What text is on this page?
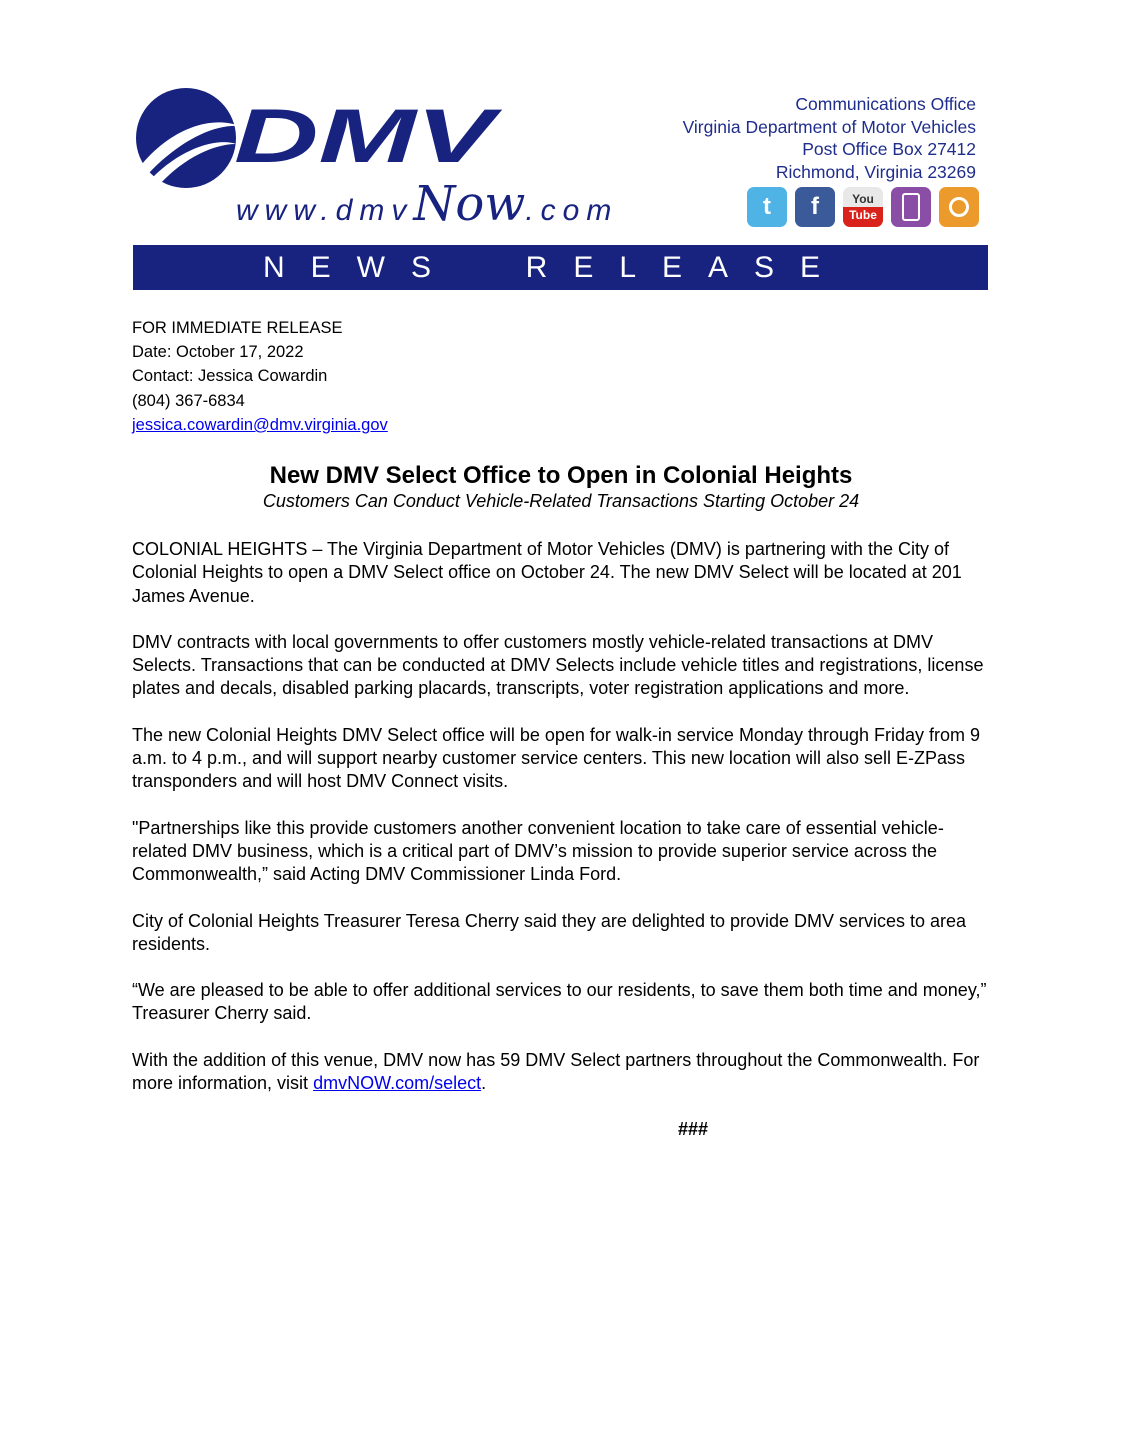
DMV
www.dmvNow.com
Communications Office
Virginia Department of Motor Vehicles
Post Office Box 27412
Richmond, Virginia 23269
t	f	You
Tube
NEWS  RELEASE
FOR IMMEDIATE RELEASE
Date: October 17, 2022
Contact: Jessica Cowardin
(804) 367-6834
jessica.cowardin@dmv.virginia.gov
New DMV Select Office to Open in Colonial Heights
Customers Can Conduct Vehicle-Related Transactions Starting October 24

COLONIAL HEIGHTS – The Virginia Department of Motor Vehicles (DMV) is partnering with the City of Colonial Heights to open a DMV Select office on October 24. The new DMV Select will be located at 201 James Avenue.

DMV contracts with local governments to offer customers mostly vehicle-related transactions at DMV Selects. Transactions that can be conducted at DMV Selects include vehicle titles and registrations, license plates and decals, disabled parking placards, transcripts, voter registration applications and more.

The new Colonial Heights DMV Select office will be open for walk-in service Monday through Friday from 9 a.m. to 4 p.m., and will support nearby customer service centers. This new location will also sell E-ZPass transponders and will host DMV Connect visits.

"Partnerships like this provide customers another convenient location to take care of essential vehicle-related DMV business, which is a critical part of DMV’s mission to provide superior service across the Commonwealth,” said Acting DMV Commissioner Linda Ford.

City of Colonial Heights Treasurer Teresa Cherry said they are delighted to provide DMV services to area residents.

“We are pleased to be able to offer additional services to our residents, to save them both time and money,” Treasurer Cherry said.

With the addition of this venue, DMV now has 59 DMV Select partners throughout the Commonwealth. For more information, visit dmvNOW.com/select.

###
